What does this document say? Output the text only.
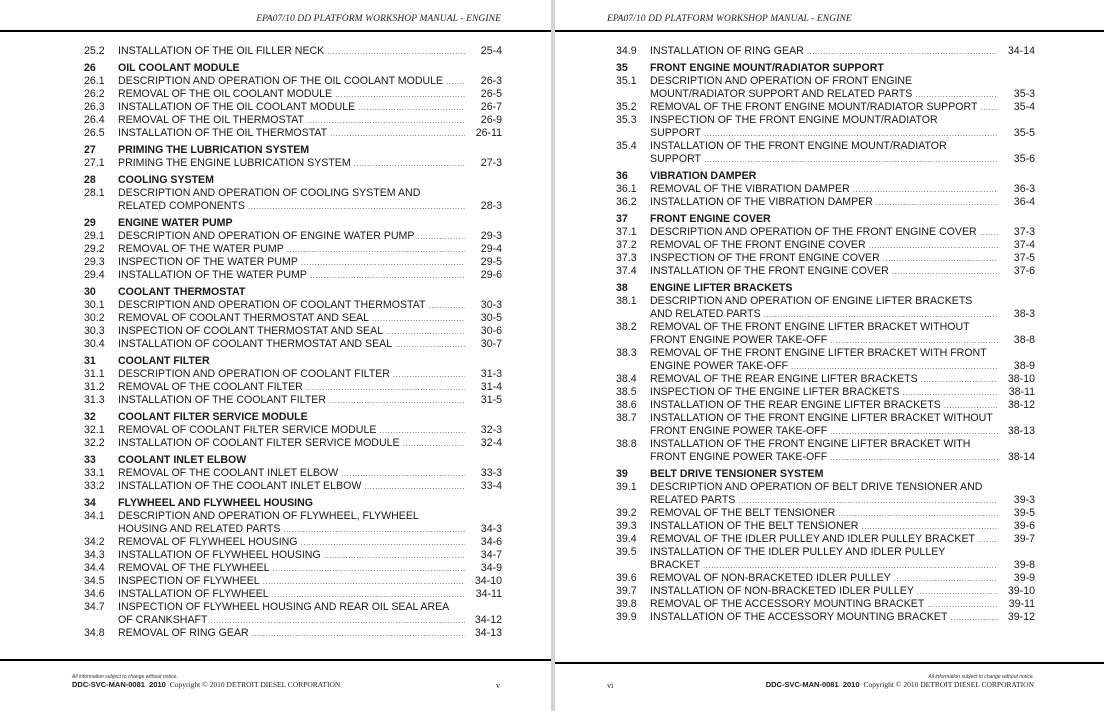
EPA07/10 DD PLATFORM WORKSHOP MANUAL - ENGINE
25.2	INSTALLATION OF THE OIL FILLER NECK .....	25-4
26	OIL COOLANT MODULE
26.1	DESCRIPTION AND OPERATION OF THE OIL COOLANT MODULE .....	26-3
26.2	REMOVAL OF THE OIL COOLANT MODULE .....	26-5
26.3	INSTALLATION OF THE OIL COOLANT MODULE .....	26-7
26.4	REMOVAL OF THE OIL THERMOSTAT .....	26-9
26.5	INSTALLATION OF THE OIL THERMOSTAT .....	26-11
27	PRIMING THE LUBRICATION SYSTEM
27.1	PRIMING THE ENGINE LUBRICATION SYSTEM .....	27-3
28	COOLING SYSTEM
28.1	DESCRIPTION AND OPERATION OF COOLING SYSTEM AND
RELATED COMPONENTS .....	28-3
29	ENGINE WATER PUMP
29.1	DESCRIPTION AND OPERATION OF ENGINE WATER PUMP .....	29-3
29.2	REMOVAL OF THE WATER PUMP .....	29-4
29.3	INSPECTION OF THE WATER PUMP .....	29-5
29.4	INSTALLATION OF THE WATER PUMP .....	29-6
30	COOLANT THERMOSTAT
30.1	DESCRIPTION AND OPERATION OF COOLANT THERMOSTAT .....	30-3
30.2	REMOVAL OF COOLANT THERMOSTAT AND SEAL .....	30-5
30.3	INSPECTION OF COOLANT THERMOSTAT AND SEAL .....	30-6
30.4	INSTALLATION OF COOLANT THERMOSTAT AND SEAL .....	30-7
31	COOLANT FILTER
31.1	DESCRIPTION AND OPERATION OF COOLANT FILTER .....	31-3
31.2	REMOVAL OF THE COOLANT FILTER .....	31-4
31.3	INSTALLATION OF THE COOLANT FILTER .....	31-5
32	COOLANT FILTER SERVICE MODULE
32.1	REMOVAL OF COOLANT FILTER SERVICE MODULE .....	32-3
32.2	INSTALLATION OF COOLANT FILTER SERVICE MODULE .....	32-4
33	COOLANT INLET ELBOW
33.1	REMOVAL OF THE COOLANT INLET ELBOW .....	33-3
33.2	INSTALLATION OF THE COOLANT INLET ELBOW .....	33-4
34	FLYWHEEL AND FLYWHEEL HOUSING
34.1	DESCRIPTION AND OPERATION OF FLYWHEEL, FLYWHEEL
HOUSING AND RELATED PARTS .....	34-3
34.2	REMOVAL OF FLYWHEEL HOUSING .....	34-6
34.3	INSTALLATION OF FLYWHEEL HOUSING .....	34-7
34.4	REMOVAL OF THE FLYWHEEL .....	34-9
34.5	INSPECTION OF FLYWHEEL .....	34-10
34.6	INSTALLATION OF FLYWHEEL .....	34-11
34.7	INSPECTION OF FLYWHEEL HOUSING AND REAR OIL SEAL AREA
OF CRANKSHAFT .....	34-12
34.8	REMOVAL OF RING GEAR .....	34-13
All information subject to change without notice.
DDC-SVC-MAN-0081 2010 Copyright © 2010 DETROIT DIESEL CORPORATION	v
EPA07/10 DD PLATFORM WORKSHOP MANUAL - ENGINE
34.9	INSTALLATION OF RING GEAR .....	34-14
35	FRONT ENGINE MOUNT/RADIATOR SUPPORT
35.1	DESCRIPTION AND OPERATION OF FRONT ENGINE
MOUNT/RADIATOR SUPPORT AND RELATED PARTS .....	35-3
35.2	REMOVAL OF THE FRONT ENGINE MOUNT/RADIATOR SUPPORT .....	35-4
35.3	INSPECTION OF THE FRONT ENGINE MOUNT/RADIATOR
SUPPORT .....	35-5
35.4	INSTALLATION OF THE FRONT ENGINE MOUNT/RADIATOR
SUPPORT .....	35-6
36	VIBRATION DAMPER
36.1	REMOVAL OF THE VIBRATION DAMPER .....	36-3
36.2	INSTALLATION OF THE VIBRATION DAMPER .....	36-4
37	FRONT ENGINE COVER
37.1	DESCRIPTION AND OPERATION OF THE FRONT ENGINE COVER .....	37-3
37.2	REMOVAL OF THE FRONT ENGINE COVER .....	37-4
37.3	INSPECTION OF THE FRONT ENGINE COVER .....	37-5
37.4	INSTALLATION OF THE FRONT ENGINE COVER .....	37-6
38	ENGINE LIFTER BRACKETS
38.1	DESCRIPTION AND OPERATION OF ENGINE LIFTER BRACKETS
AND RELATED PARTS .....	38-3
38.2	REMOVAL OF THE FRONT ENGINE LIFTER BRACKET WITHOUT
FRONT ENGINE POWER TAKE-OFF .....	38-8
38.3	REMOVAL OF THE FRONT ENGINE LIFTER BRACKET WITH FRONT
ENGINE POWER TAKE-OFF .....	38-9
38.4	REMOVAL OF THE REAR ENGINE LIFTER BRACKETS .....	38-10
38.5	INSPECTION OF THE ENGINE LIFTER BRACKETS .....	38-11
38.6	INSTALLATION OF THE REAR ENGINE LIFTER BRACKETS .....	38-12
38.7	INSTALLATION OF THE FRONT ENGINE LIFTER BRACKET WITHOUT
FRONT ENGINE POWER TAKE-OFF .....	38-13
38.8	INSTALLATION OF THE FRONT ENGINE LIFTER BRACKET WITH
FRONT ENGINE POWER TAKE-OFF .....	38-14
39	BELT DRIVE TENSIONER SYSTEM
39.1	DESCRIPTION AND OPERATION OF BELT DRIVE TENSIONER AND
RELATED PARTS .....	39-3
39.2	REMOVAL OF THE BELT TENSIONER .....	39-5
39.3	INSTALLATION OF THE BELT TENSIONER .....	39-6
39.4	REMOVAL OF THE IDLER PULLEY AND IDLER PULLEY BRACKET .....	39-7
39.5	INSTALLATION OF THE IDLER PULLEY AND IDLER PULLEY
BRACKET .....	39-8
39.6	REMOVAL OF NON-BRACKETED IDLER PULLEY .....	39-9
39.7	INSTALLATION OF NON-BRACKETED IDLER PULLEY .....	39-10
39.8	REMOVAL OF THE ACCESSORY MOUNTING BRACKET .....	39-11
39.9	INSTALLATION OF THE ACCESSORY MOUNTING BRACKET .....	39-12
vi
All information subject to change without notice.
DDC-SVC-MAN-0081 2010 Copyright © 2010 DETROIT DIESEL CORPORATION
